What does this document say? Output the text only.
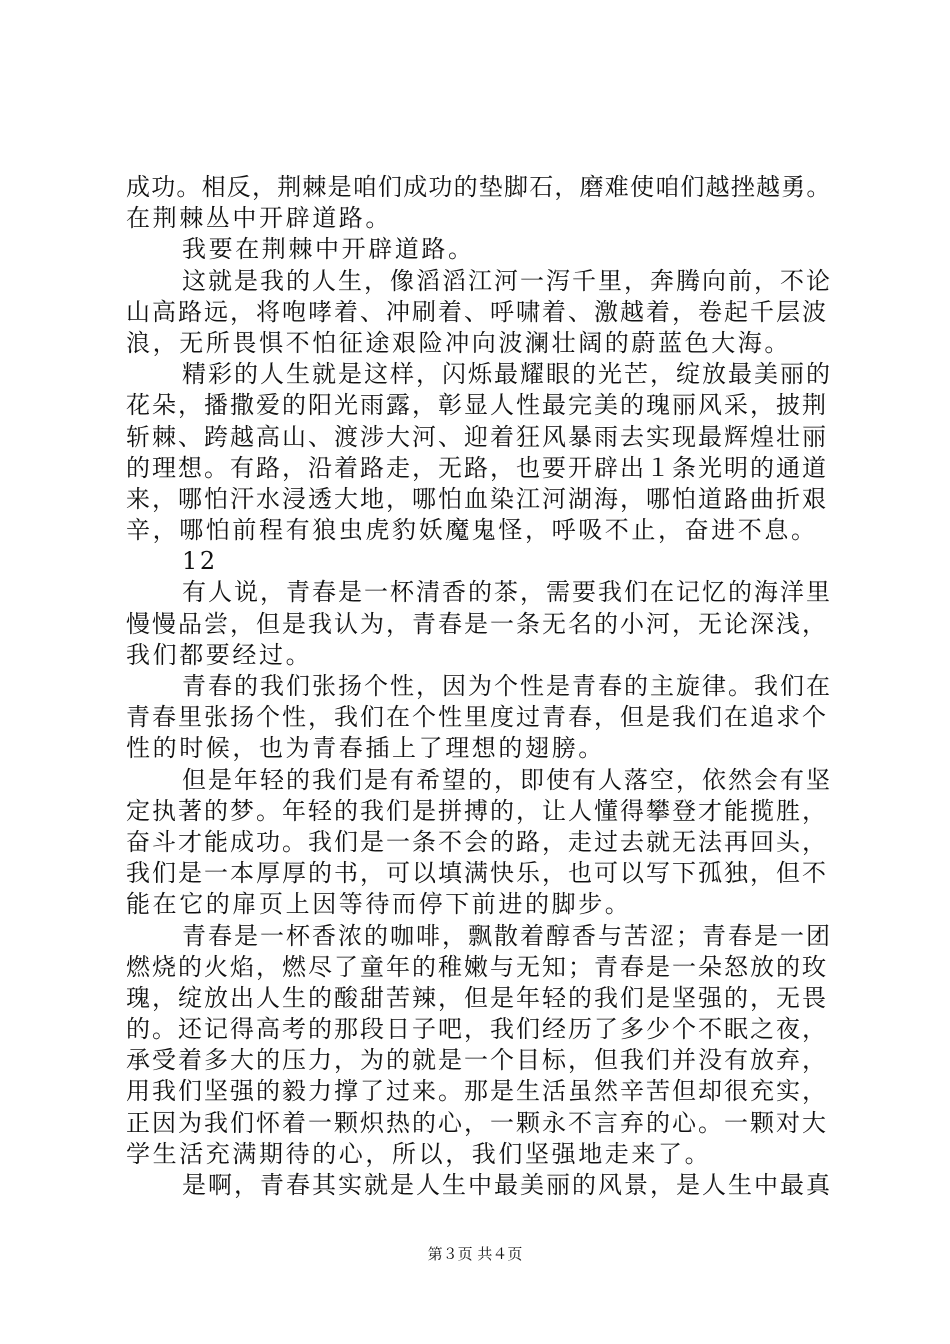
成功。相反，荆棘是咱们成功的垫脚石，磨难使咱们越挫越勇。
在荆棘丛中开辟道路。
我要在荆棘中开辟道路。
这就是我的人生，像滔滔江河一泻千里，奔腾向前，不论
山高路远，将咆哮着、冲刷着、呼啸着、激越着，卷起千层波
浪，无所畏惧不怕征途艰险冲向波澜壮阔的蔚蓝色大海。
精彩的人生就是这样，闪烁最耀眼的光芒，绽放最美丽的
花朵，播撒爱的阳光雨露，彰显人性最完美的瑰丽风采，披荆
斩棘、跨越高山、渡涉大河、迎着狂风暴雨去实现最辉煌壮丽
的理想。有路，沿着路走，无路，也要开辟出１条光明的通道
来，哪怕汗水浸透大地，哪怕血染江河湖海，哪怕道路曲折艰
辛，哪怕前程有狼虫虎豹妖魔鬼怪，呼吸不止，奋进不息。
12
有人说，青春是一杯清香的茶，需要我们在记忆的海洋里
慢慢品尝，但是我认为，青春是一条无名的小河，无论深浅，
我们都要经过。
青春的我们张扬个性，因为个性是青春的主旋律。我们在
青春里张扬个性，我们在个性里度过青春，但是我们在追求个
性的时候，也为青春插上了理想的翅膀。
但是年轻的我们是有希望的，即使有人落空，依然会有坚
定执著的梦。年轻的我们是拼搏的，让人懂得攀登才能揽胜，
奋斗才能成功。我们是一条不会的路，走过去就无法再回头，
我们是一本厚厚的书，可以填满快乐，也可以写下孤独，但不
能在它的扉页上因等待而停下前进的脚步。
青春是一杯香浓的咖啡，飘散着醇香与苦涩；青春是一团
燃烧的火焰，燃尽了童年的稚嫩与无知；青春是一朵怒放的玫
瑰，绽放出人生的酸甜苦辣，但是年轻的我们是坚强的，无畏
的。还记得高考的那段日子吧，我们经历了多少个不眠之夜，
承受着多大的压力，为的就是一个目标，但我们并没有放弃，
用我们坚强的毅力撑了过来。那是生活虽然辛苦但却很充实，
正因为我们怀着一颗炽热的心，一颗永不言弃的心。一颗对大
学生活充满期待的心，所以，我们坚强地走来了。
是啊，青春其实就是人生中最美丽的风景，是人生中最真
第３页 共４页
